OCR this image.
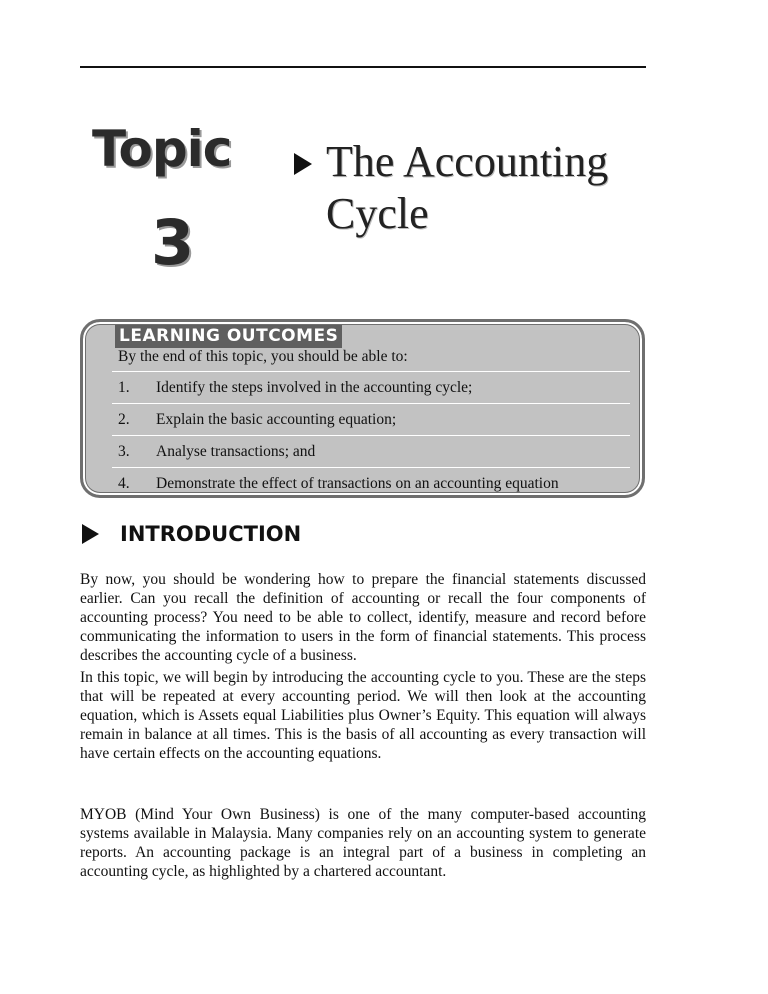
Topic
3
The Accounting Cycle
LEARNING OUTCOMES
By the end of this topic, you should be able to:
1. Identify the steps involved in the accounting cycle;
2. Explain the basic accounting equation;
3. Analyse transactions; and
4. Demonstrate the effect of transactions on an accounting equation
INTRODUCTION

By now, you should be wondering how to prepare the financial statements discussed earlier. Can you recall the definition of accounting or recall the four components of accounting process? You need to be able to collect, identify, measure and record before communicating the information to users in the form of financial statements. This process describes the accounting cycle of a business.

In this topic, we will begin by introducing the accounting cycle to you. These are the steps that will be repeated at every accounting period. We will then look at the accounting equation, which is Assets equal Liabilities plus Owner’s Equity. This equation will always remain in balance at all times. This is the basis of all accounting as every transaction will have certain effects on the accounting equations.

MYOB (Mind Your Own Business) is one of the many computer-based accounting systems available in Malaysia. Many companies rely on an accounting system to generate reports. An accounting package is an integral part of a business in completing an accounting cycle, as highlighted by a chartered accountant.
